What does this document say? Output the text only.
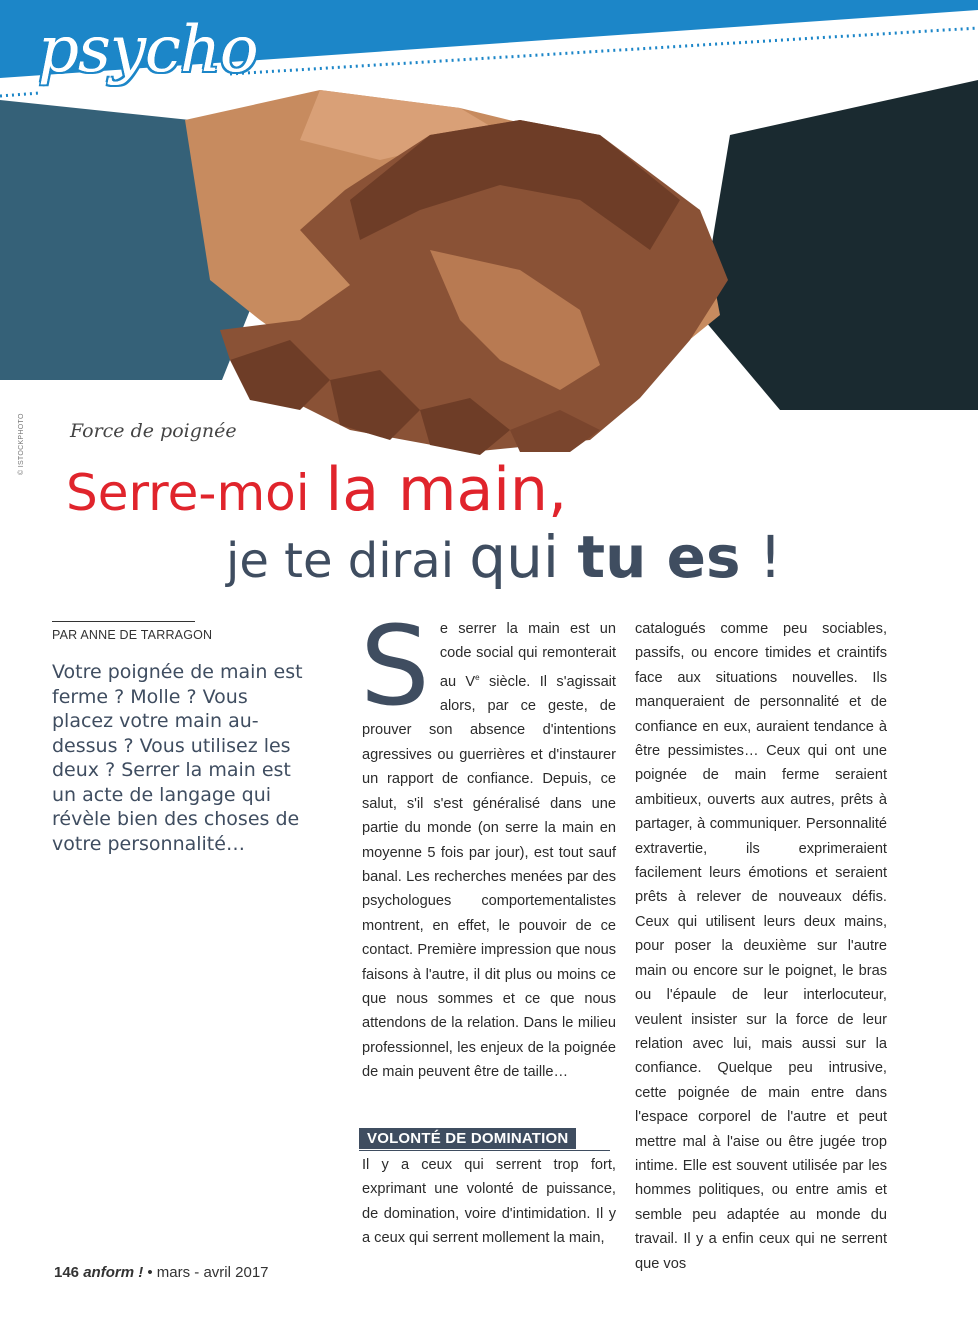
psycho
© ISTOCKPHOTO Force de poignée
Serre-moi la main,
je te dirai qui tu es !
PAR ANNE DE TARRAGON
Votre poignée de main est ferme ? Molle ? Vous placez votre main au-dessus ? Vous utilisez les deux ? Serrer la main est un acte de langage qui révèle bien des choses de votre personnalité…
Se serrer la main est un code social qui remonterait au Ve siècle. Il s'agissait alors, par ce geste, de prouver son absence d'intentions agressives ou guerrières et d'instaurer un rapport de confiance. Depuis, ce salut, s'il s'est généralisé dans une partie du monde (on serre la main en moyenne 5 fois par jour), est tout sauf banal. Les recherches menées par des psychologues comportementalistes montrent, en effet, le pouvoir de ce contact. Première impression que nous faisons à l'autre, il dit plus ou moins ce que nous sommes et ce que nous attendons de la relation. Dans le milieu professionnel, les enjeux de la poignée de main peuvent être de taille…
VOLONTÉ DE DOMINATION
Il y a ceux qui serrent trop fort, exprimant une volonté de puissance, de domination, voire d'intimidation. Il y a ceux qui serrent mollement la main,
catalogués comme peu sociables, passifs, ou encore timides et craintifs face aux situations nouvelles. Ils manqueraient de personnalité et de confiance en eux, auraient tendance à être pessimistes… Ceux qui ont une poignée de main ferme seraient ambitieux, ouverts aux autres, prêts à partager, à communiquer. Personnalité extravertie, ils exprimeraient facilement leurs émotions et seraient prêts à relever de nouveaux défis. Ceux qui utilisent leurs deux mains, pour poser la deuxième sur l'autre main ou encore sur le poignet, le bras ou l'épaule de leur interlocuteur, veulent insister sur la force de leur relation avec lui, mais aussi sur la confiance. Quelque peu intrusive, cette poignée de main entre dans l'espace corporel de l'autre et peut mettre mal à l'aise ou être jugée trop intime. Elle est souvent utilisée par les hommes politiques, ou entre amis et semble peu adaptée au monde du travail. Il y a enfin ceux qui ne serrent que vos
146 anform ! • mars - avril 2017
